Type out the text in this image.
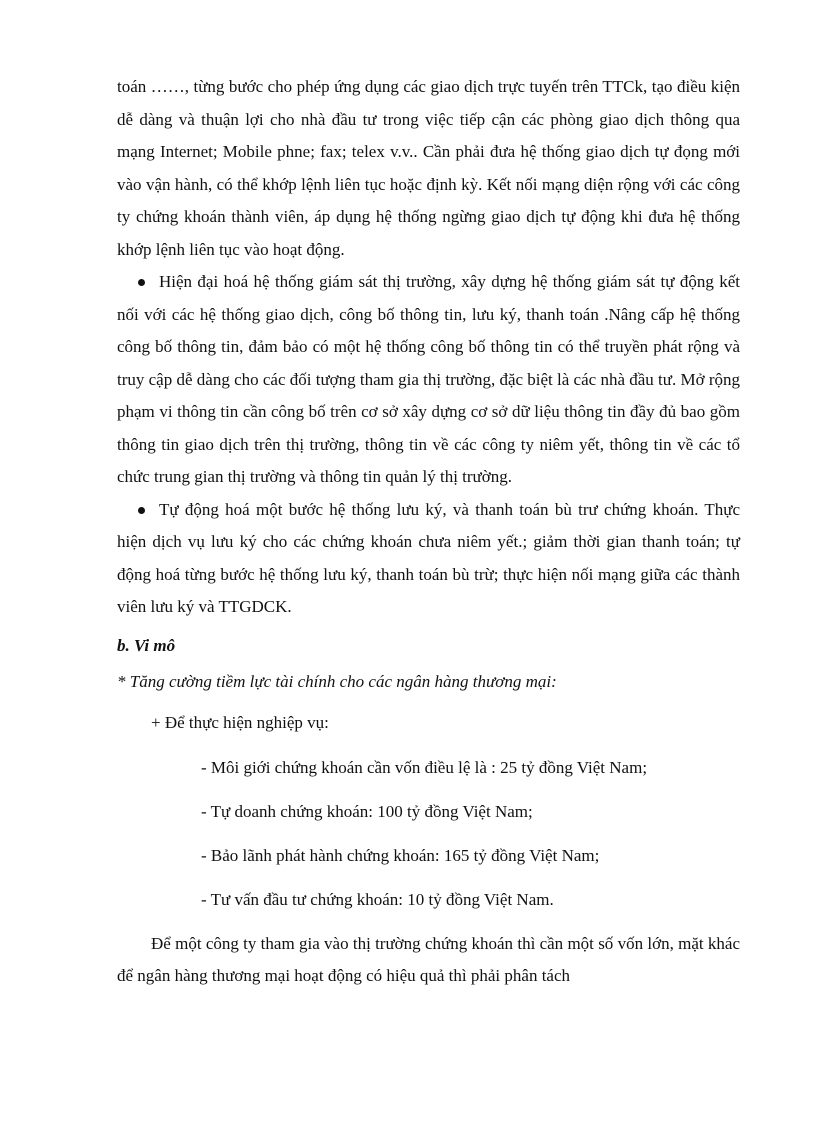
toán ……, từng bước cho phép ứng dụng các giao dịch trực tuyến trên TTCk, tạo điều kiện dễ dàng và thuận lợi cho nhà đầu tư trong việc tiếp cận các phòng giao dịch thông qua mạng Internet; Mobile phne; fax; telex v.v.. Cần phải đưa hệ thống giao dịch tự đọng mới vào vận hành, có thể khớp lệnh liên tục hoặc định kỳ. Kết nối mạng diện rộng với các công ty chứng khoán thành viên, áp dụng hệ thống ngừng giao dịch tự động khi đưa hệ thống khớp lệnh liên tục vào hoạt động.

Hiện đại hoá hệ thống giám sát thị trường, xây dựng hệ thống giám sát tự động kết nối với các hệ thống giao dịch, công bố thông tin, lưu ký, thanh toán .Nâng cấp hệ thống công bố thông tin, đảm bảo có một hệ thống công bố thông tin có thể truyền phát rộng và truy cập dễ dàng cho các đối tượng tham gia thị trường, đặc biệt là các nhà đầu tư. Mở rộng phạm vi thông tin cần công bố trên cơ sở xây dựng cơ sở dữ liệu thông tin đầy đủ bao gồm thông tin giao dịch trên thị trường, thông tin về các công ty niêm yết, thông tin về các tổ chức trung gian thị trường và thông tin quản lý thị trường.

Tự động hoá một bước hệ thống lưu ký, và thanh toán bù trư chứng khoán. Thực hiện dịch vụ lưu ký cho các chứng khoán chưa niêm yết.; giảm thời gian thanh toán; tự động hoá từng bước hệ thống lưu ký, thanh toán bù trừ; thực hiện nối mạng giữa các thành viên lưu ký và TTGDCK.

b. Vi mô

* Tăng cường tiềm lực tài chính cho các ngân hàng thương mại:

+ Để thực hiện nghiệp vụ:

- Môi giới chứng khoán cần vốn điều lệ là : 25 tỷ đồng Việt Nam;

- Tự doanh chứng khoán: 100 tỷ đồng Việt Nam;

- Bảo lãnh phát hành chứng khoán: 165 tỷ đồng Việt Nam;

- Tư vấn đầu tư chứng khoán: 10 tỷ đồng Việt Nam.

Để một công ty tham gia vào thị trường chứng khoán thì cần một số vốn lớn, mặt khác để ngân hàng thương mại hoạt động có hiệu quả thì phải phân tách
